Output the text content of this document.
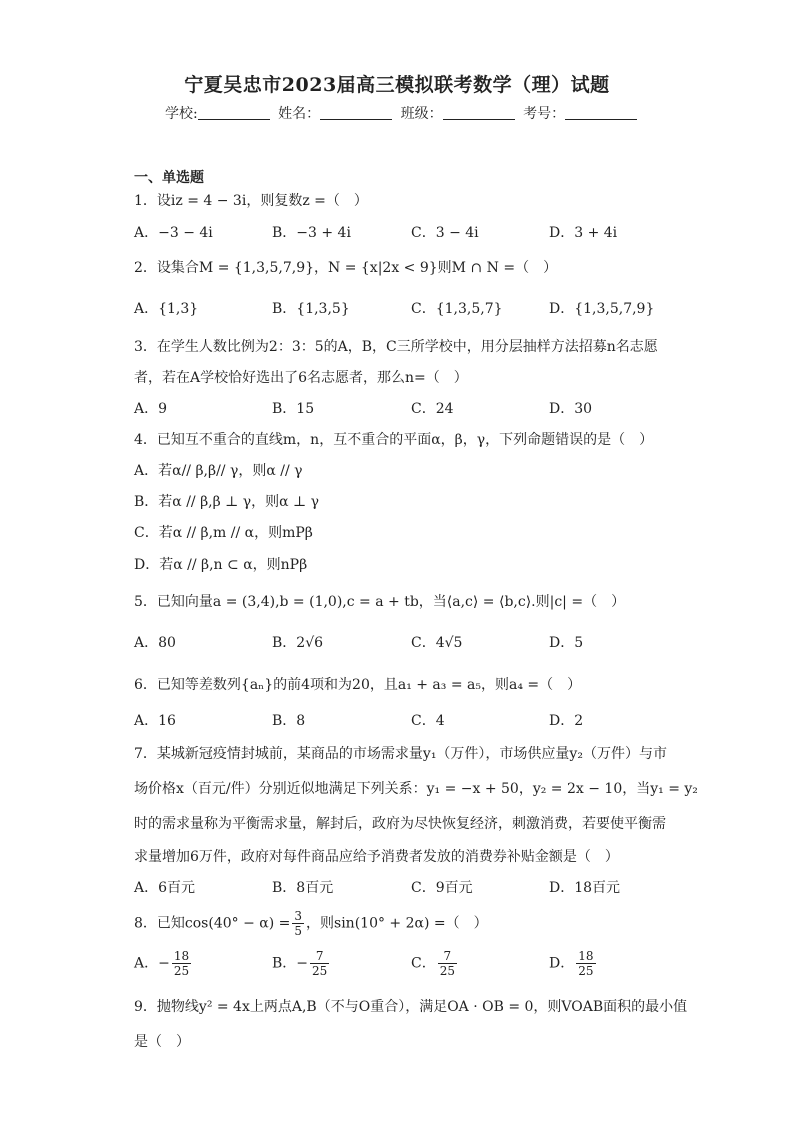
宁夏吴忠市2023届高三模拟联考数学（理）试题
学校:	姓名：	班级：	考号：
一、单选题
1．设iz = 4 − 3i，则复数z =（　）
A．−3 − 4i	B．−3 + 4i	C．3 − 4i	D．3 + 4i
2．设集合M = {1,3,5,7,9}，N = {x|2x < 9}则M ∩ N =（　）
A．{1,3}	B．{1,3,5}	C．{1,3,5,7}	D．{1,3,5,7,9}
3．在学生人数比例为2：3：5的A，B，C三所学校中，用分层抽样方法招募n名志愿
者，若在A学校恰好选出了6名志愿者，那么n=（　）
A．9	B．15	C．24	D．30
4．已知互不重合的直线m，n，互不重合的平面α，β，γ，下列命题错误的是（　）
A．若α// β,β// γ，则α // γ
B．若α // β,β ⊥ γ，则α ⊥ γ
C．若α // β,m // α，则mPβ
D．若α // β,n ⊂ α，则nPβ
5．已知向量a = (3,4),b = (1,0),c = a + tb，当⟨a,c⟩ = ⟨b,c⟩.则|c| =（　）
A．80	B．2√6	C．4√5	D．5
6．已知等差数列{aₙ}的前4项和为20，且a₁ + a₃ = a₅，则a₄ =（　）
A．16	B．8	C．4	D．2
7．某城新冠疫情封城前，某商品的市场需求量y₁（万件），市场供应量y₂（万件）与市
场价格x（百元/件）分别近似地满足下列关系：y₁ = −x + 50，y₂ = 2x − 10，当y₁ = y₂
时的需求量称为平衡需求量，解封后，政府为尽快恢复经济，刺激消费，若要使平衡需
求量增加6万件，政府对每件商品应给予消费者发放的消费券补贴金额是（　）
A．6百元	B．8百元	C．9百元	D．18百元
8．已知$\cos(40^\circ - \alpha) = \frac{3}{5}$ ，则sin(10° + 2α) =（　）
A．− $\frac{18}{25}$	B．− $\frac{7}{25}$	C． $\frac{7}{25}$	D． $\frac{18}{25}$
9．抛物线y² = 4x上两点A,B（不与O重合），满足OA · OB = 0，则VOAB面积的最小值
是（　）
